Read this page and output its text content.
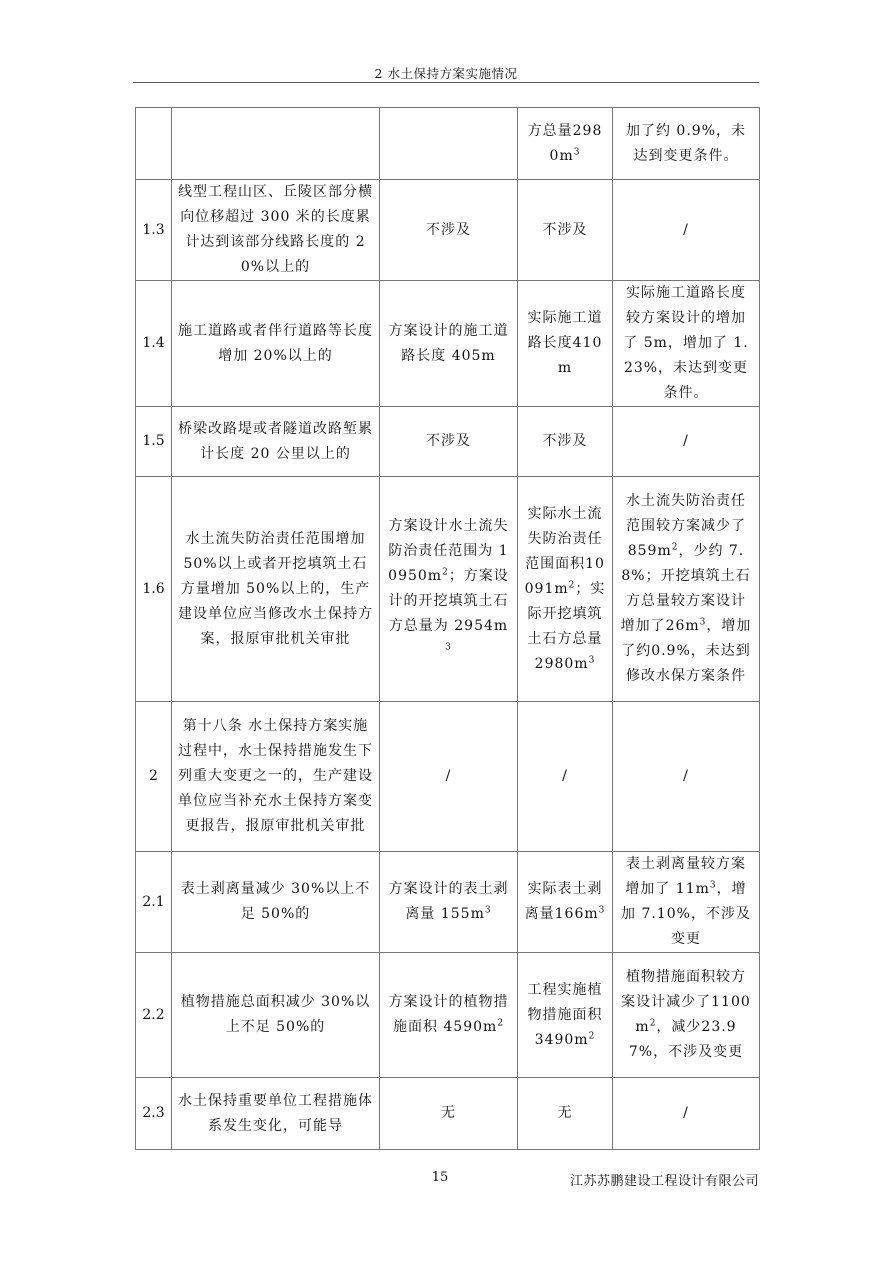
2 水土保持方案实施情况
			方总量$2980m^3$	加了约 0.9%，未达到变更条件。
1.3	线型工程山区、丘陵区部分横向位移超过 300 米的长度累计达到该部分线路长度的 20%以上的	不涉及	不涉及	/
1.4	施工道路或者伴行道路等长度增加 20%以上的	方案设计的施工道路长度 405m	实际施工道路长度410m	实际施工道路长度较方案设计的增加了 5m，增加了 1.23%，未达到变更条件。
1.5	桥梁改路堤或者隧道改路堑累计长度 20 公里以上的	不涉及	不涉及	/
1.6	水土流失防治责任范围增加 50%以上或者开挖填筑土石方量增加 50%以上的，生产建设单位应当修改水土保持方案，报原审批机关审批	方案设计水土流失防治责任范围为 $10950m^2$；方案设计的开挖填筑土石方总量为 $2954m^3$	实际水土流失防治责任范围面积$10091m^2$；实际开挖填筑土石方总量$2980m^3$	水土流失防治责任范围较方案减少了 $859m^2$，少约 7.8%；开挖填筑土石方总量较方案设计增加了$26m^3$，增加了约0.9%，未达到修改水保方案条件
2	第十八条 水土保持方案实施过程中，水土保持措施发生下列重大变更之一的，生产建设单位应当补充水土保持方案变更报告，报原审批机关审批	/	/	/
2.1	表土剥离量减少 30%以上不足 50%的	方案设计的表土剥离量 $155m^3$	实际表土剥离量$166m^3$	表土剥离量较方案增加了 $11m^3$，增加 7.10%，不涉及变更
2.2	植物措施总面积减少 30%以上不足 50%的	方案设计的植物措施面积 $4590m^2$	工程实施植物措施面积$3490m^2$	植物措施面积较方案设计减少了$1100m^2$，减少23.97%，不涉及变更
2.3	水土保持重要单位工程措施体系发生变化，可能导	无	无	/
15	江苏苏鹏建设工程设计有限公司
